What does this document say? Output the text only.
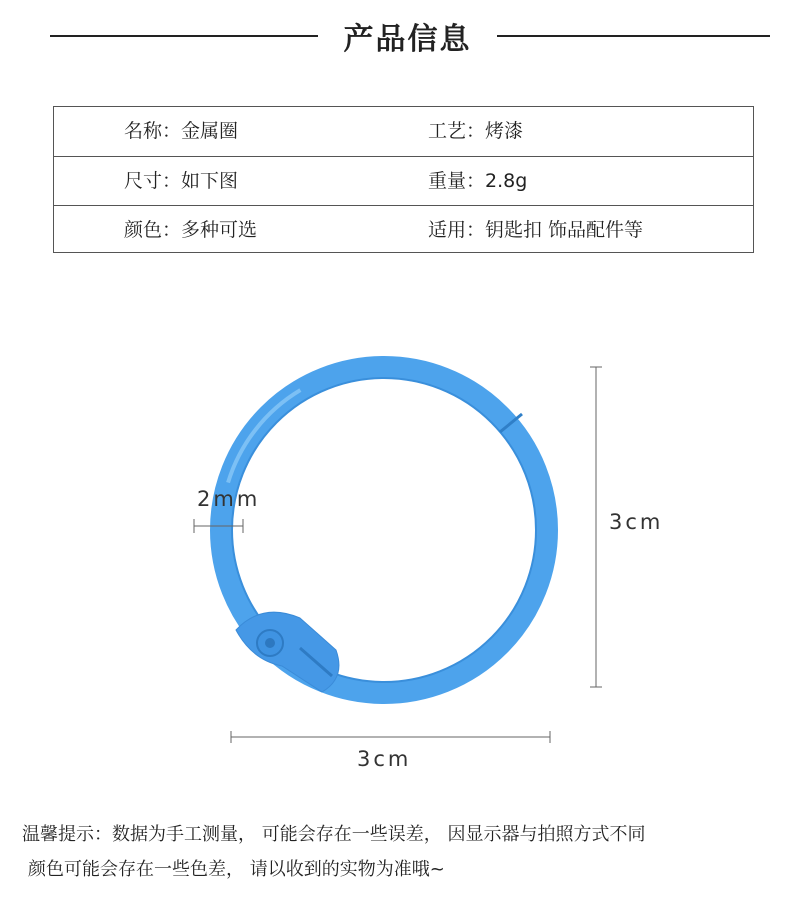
产品信息
名称：金属圈	工艺：烤漆
尺寸：如下图	重量：2.8g
颜色：多种可选	适用：钥匙扣 饰品配件等
2mm
3cm
3cm
温馨提示：数据为手工测量， 可能会存在一些误差， 因显示器与拍照方式不同
颜色可能会存在一些色差， 请以收到的实物为准哦~
